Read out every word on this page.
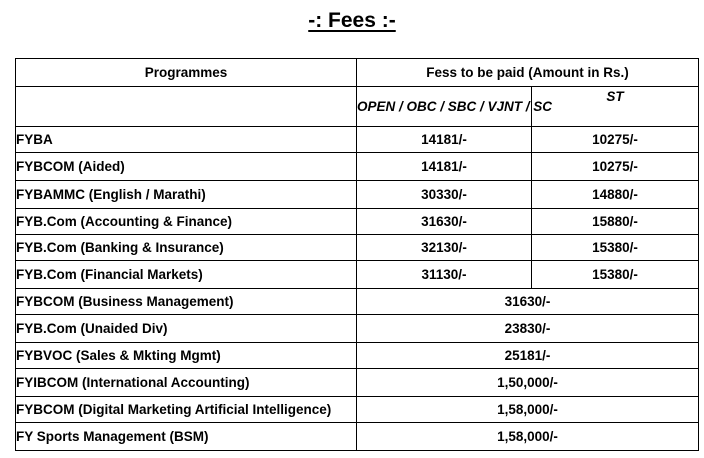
-: Fees :-
Programmes	Fess to be paid (Amount in Rs.)	
	OPEN / OBC / SBC / VJNT / SC	ST
FYBA	14181/-	10275/-
FYBCOM (Aided)	14181/-	10275/-
FYBAMMC (English / Marathi)	30330/-	14880/-
FYB.Com (Accounting & Finance)	31630/-	15880/-
FYB.Com (Banking & Insurance)	32130/-	15380/-
FYB.Com (Financial Markets)	31130/-	15380/-
FYBCOM (Business Management)	31630/-	
FYB.Com (Unaided Div)	23830/-	
FYBVOC (Sales & Mkting Mgmt)	25181/-	
FYIBCOM (International Accounting)	1,50,000/-	
FYBCOM (Digital Marketing Artificial Intelligence)	1,58,000/-	
FY Sports Management (BSM)	1,58,000/-	
